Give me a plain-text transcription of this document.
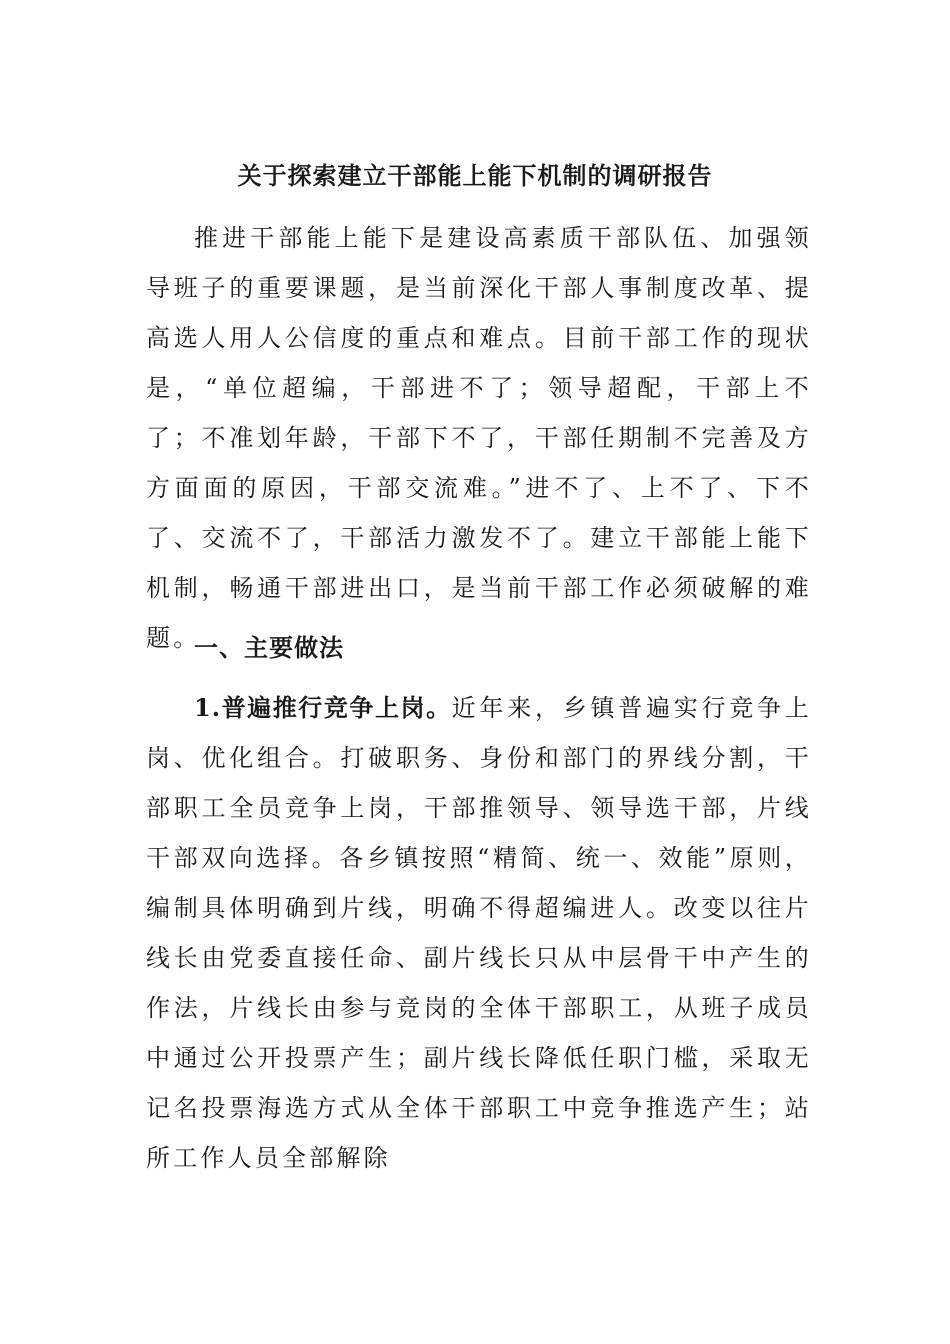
关于探索建立干部能上能下机制的调研报告

推进干部能上能下是建设高素质干部队伍、加强领导班子的重要课题，是当前深化干部人事制度改革、提高选人用人公信度的重点和难点。目前干部工作的现状是，“单位超编，干部进不了；领导超配，干部上不了；不准划年龄，干部下不了，干部任期制不完善及方方面面的原因，干部交流难。”进不了、上不了、下不了、交流不了，干部活力激发不了。建立干部能上能下机制，畅通干部进出口，是当前干部工作必须破解的难题。

一、主要做法

1.普遍推行竞争上岗。近年来，乡镇普遍实行竞争上岗、优化组合。打破职务、身份和部门的界线分割，干部职工全员竞争上岗，干部推领导、领导选干部，片线干部双向选择。各乡镇按照“精简、统一、效能”原则，编制具体明确到片线，明确不得超编进人。改变以往片线长由党委直接任命、副片线长只从中层骨干中产生的作法，片线长由参与竞岗的全体干部职工，从班子成员中通过公开投票产生；副片线长降低任职门槛，采取无记名投票海选方式从全体干部职工中竞争推选产生；站所工作人员全部解除
